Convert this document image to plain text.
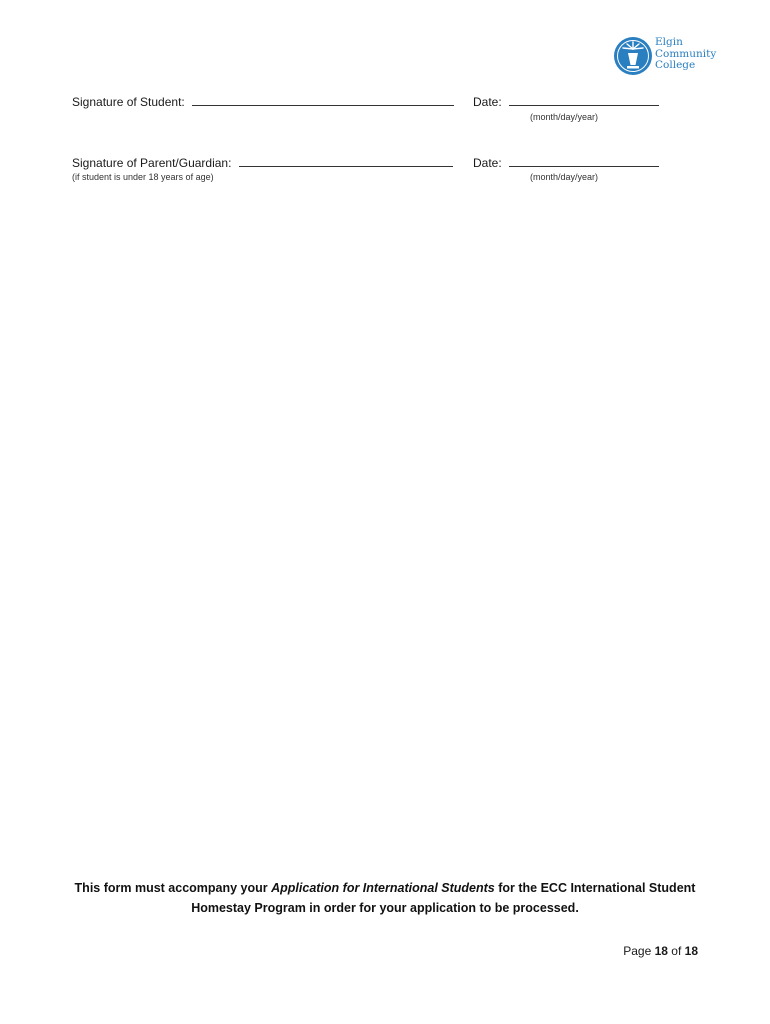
Elgin
Community
College
Signature of Student:	Date:
(month/day/year)
Signature of Parent/Guardian:
(if student is under 18 years of age)
Date:
(month/day/year)
This form must accompany your Application for International Students for the ECC International Student Homestay Program in order for your application to be processed.
Page 18 of 18
